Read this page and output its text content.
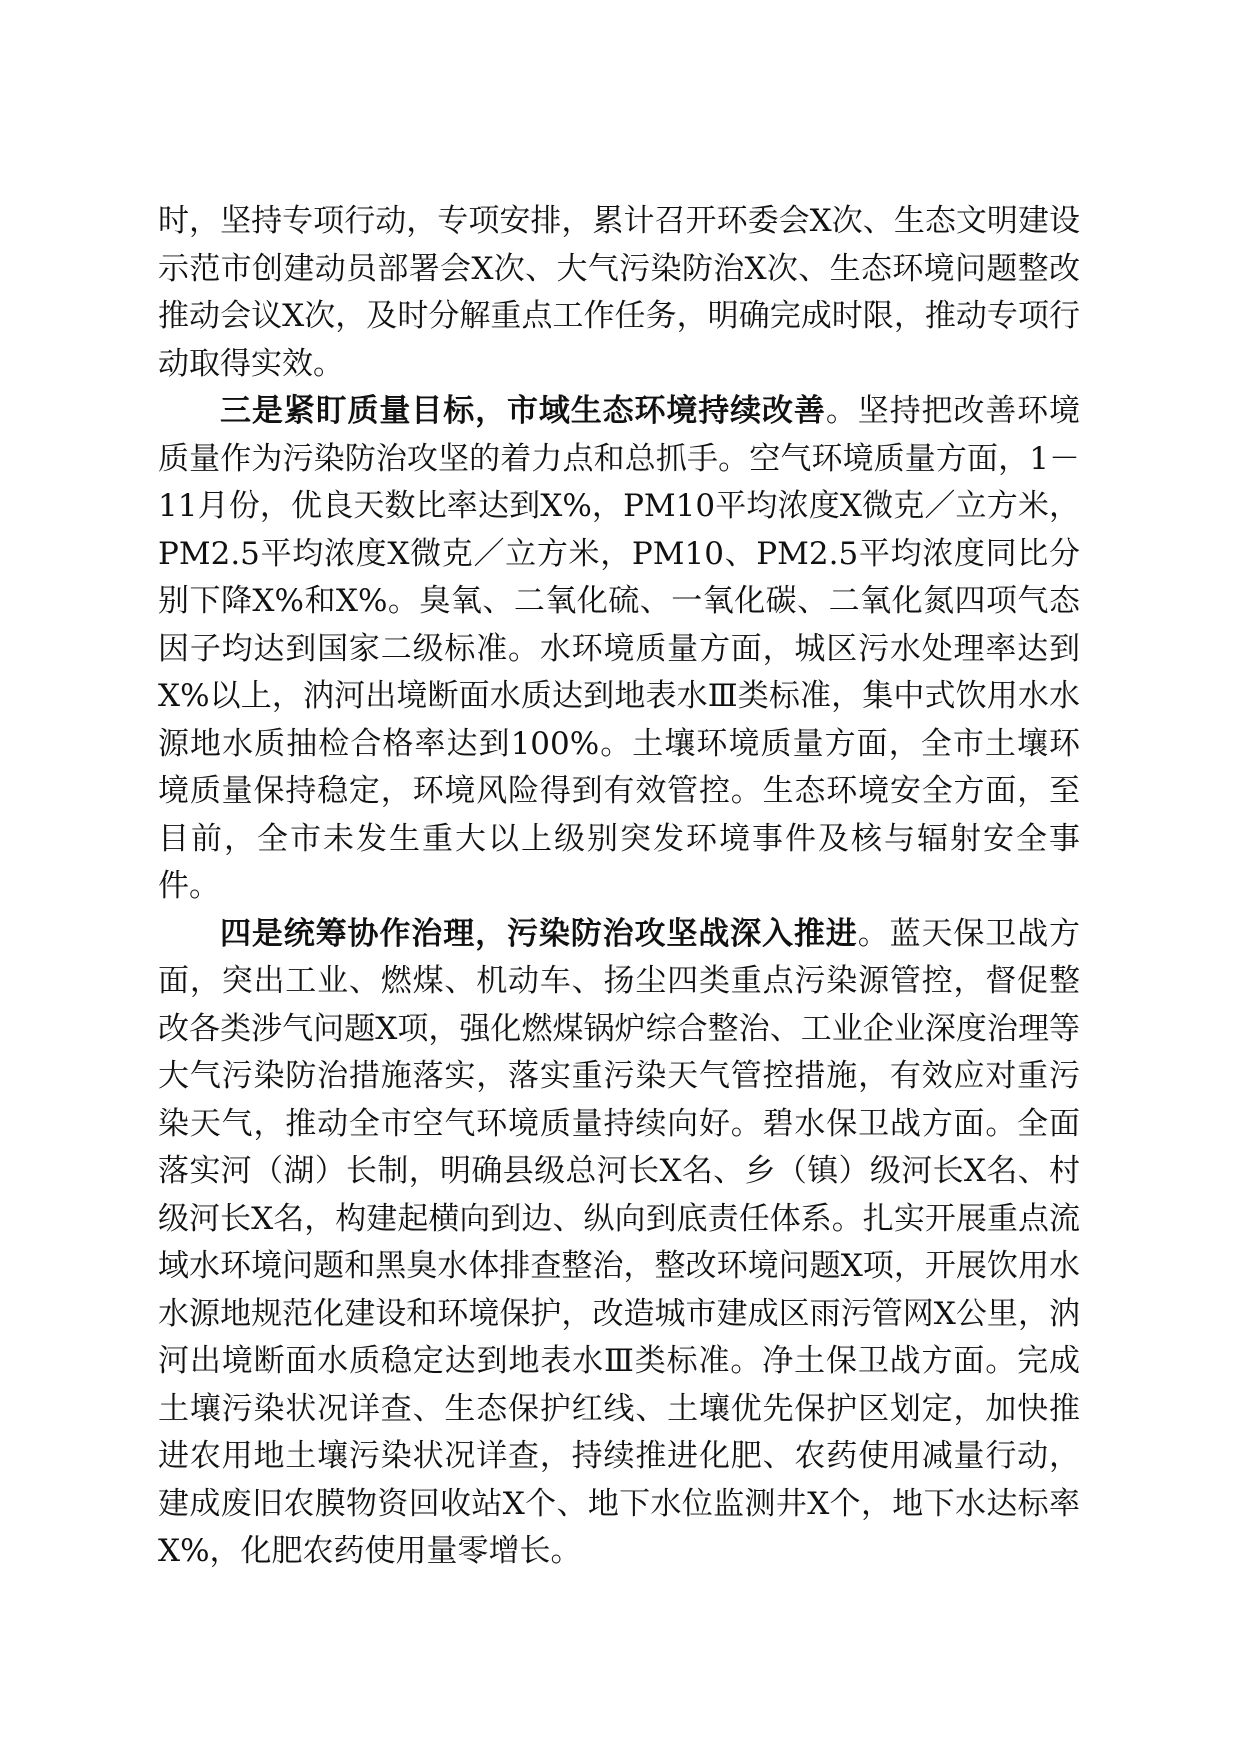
时，坚持专项行动，专项安排，累计召开环委会X次、生态文明建设示范市创建动员部署会X次、大气污染防治X次、生态环境问题整改推动会议X次，及时分解重点工作任务，明确完成时限，推动专项行动取得实效。

三是紧盯质量目标，市域生态环境持续改善。坚持把改善环境质量作为污染防治攻坚的着力点和总抓手。空气环境质量方面，1－11月份，优良天数比率达到X%，PM10平均浓度X微克／立方米，PM2.5平均浓度X微克／立方米，PM10、PM2.5平均浓度同比分别下降X%和X%。臭氧、二氧化硫、一氧化碳、二氧化氮四项气态因子均达到国家二级标准。水环境质量方面，城区污水处理率达到X%以上，汭河出境断面水质达到地表水Ⅲ类标准，集中式饮用水水源地水质抽检合格率达到100%。土壤环境质量方面，全市土壤环境质量保持稳定，环境风险得到有效管控。生态环境安全方面，至目前，全市未发生重大以上级别突发环境事件及核与辐射安全事件。

四是统筹协作治理，污染防治攻坚战深入推进。蓝天保卫战方面，突出工业、燃煤、机动车、扬尘四类重点污染源管控，督促整改各类涉气问题X项，强化燃煤锅炉综合整治、工业企业深度治理等大气污染防治措施落实，落实重污染天气管控措施，有效应对重污染天气，推动全市空气环境质量持续向好。碧水保卫战方面。全面落实河（湖）长制，明确县级总河长X名、乡（镇）级河长X名、村级河长X名，构建起横向到边、纵向到底责任体系。扎实开展重点流域水环境问题和黑臭水体排查整治，整改环境问题X项，开展饮用水水源地规范化建设和环境保护，改造城市建成区雨污管网X公里，汭河出境断面水质稳定达到地表水Ⅲ类标准。净土保卫战方面。完成土壤污染状况详查、生态保护红线、土壤优先保护区划定，加快推进农用地土壤污染状况详查，持续推进化肥、农药使用减量行动，建成废旧农膜物资回收站X个、地下水位监测井X个，地下水达标率X%，化肥农药使用量零增长。
